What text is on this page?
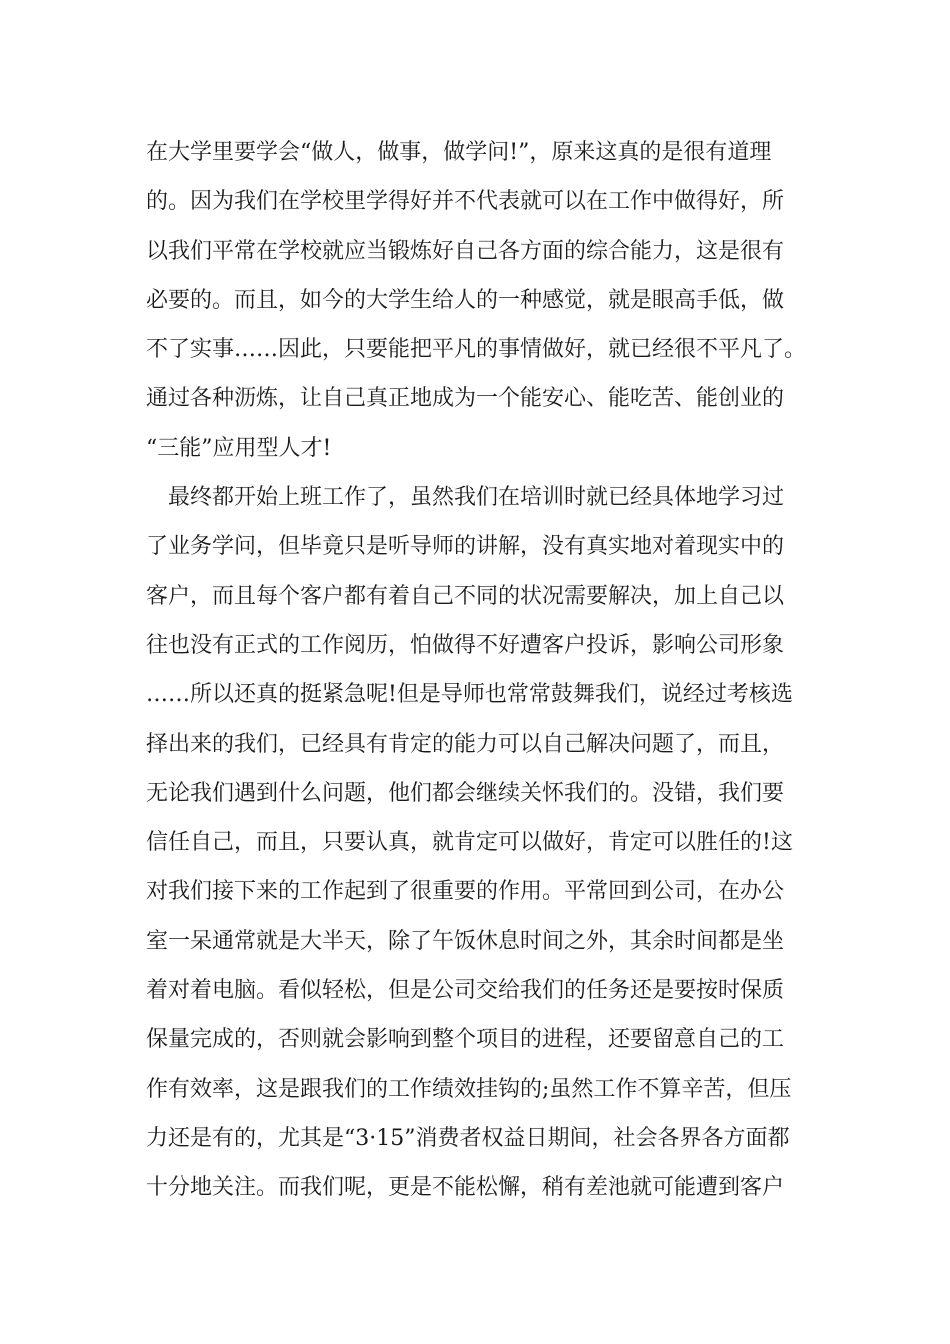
在大学里要学会“做人，做事，做学问!”，原来这真的是很有道理
的。因为我们在学校里学得好并不代表就可以在工作中做得好，所
以我们平常在学校就应当锻炼好自己各方面的综合能力，这是很有
必要的。而且，如今的大学生给人的一种感觉，就是眼高手低，做
不了实事……因此，只要能把平凡的事情做好，就已经很不平凡了。
通过各种沥炼，让自己真正地成为一个能安心、能吃苦、能创业的
“三能”应用型人才!
最终都开始上班工作了，虽然我们在培训时就已经具体地学习过
了业务学问，但毕竟只是听导师的讲解，没有真实地对着现实中的
客户，而且每个客户都有着自己不同的状况需要解决，加上自己以
往也没有正式的工作阅历，怕做得不好遭客户投诉，影响公司形象
……所以还真的挺紧急呢!但是导师也常常鼓舞我们，说经过考核选
择出来的我们，已经具有肯定的能力可以自己解决问题了，而且，
无论我们遇到什么问题，他们都会继续关怀我们的。没错，我们要
信任自己，而且，只要认真，就肯定可以做好，肯定可以胜任的!这
对我们接下来的工作起到了很重要的作用。平常回到公司，在办公
室一呆通常就是大半天，除了午饭休息时间之外，其余时间都是坐
着对着电脑。看似轻松，但是公司交给我们的任务还是要按时保质
保量完成的，否则就会影响到整个项目的进程，还要留意自己的工
作有效率，这是跟我们的工作绩效挂钩的;虽然工作不算辛苦，但压
力还是有的，尤其是“3·15”消费者权益日期间，社会各界各方面都
十分地关注。而我们呢，更是不能松懈，稍有差池就可能遭到客户
